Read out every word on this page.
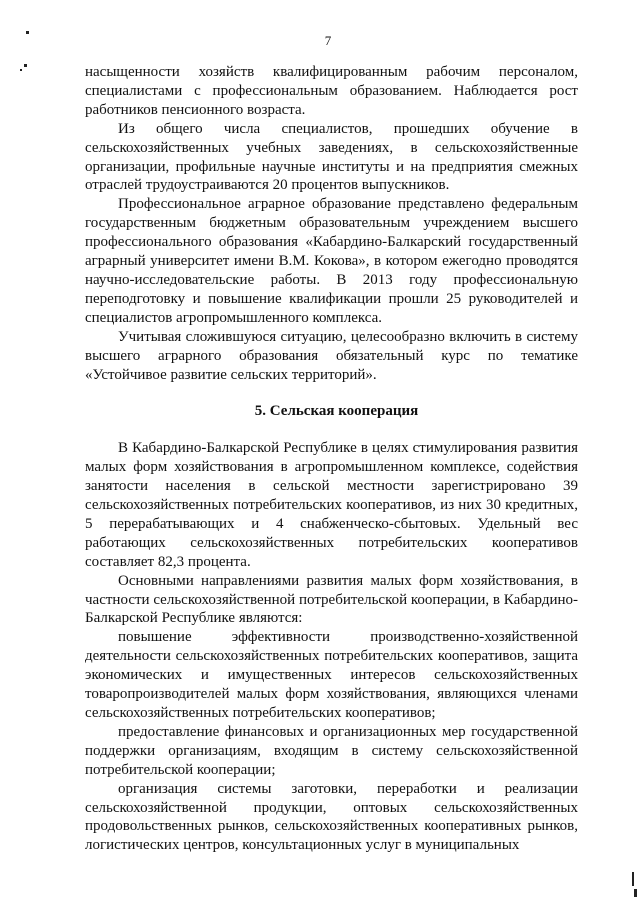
7

насыщенности хозяйств квалифицированным рабочим персоналом, специалистами с профессиональным образованием. Наблюдается рост работников пенсионного возраста.

Из общего числа специалистов, прошедших обучение в сельскохозяйственных учебных заведениях, в сельскохозяйственные организации, профильные научные институты и на предприятия смежных отраслей трудоустраиваются 20 процентов выпускников.

Профессиональное аграрное образование представлено федеральным государственным бюджетным образовательным учреждением высшего профессионального образования «Кабардино-Балкарский государственный аграрный университет имени В.М. Кокова», в котором ежегодно проводятся научно-исследовательские работы. В 2013 году профессиональную переподготовку и повышение квалификации прошли 25 руководителей и специалистов агропромышленного комплекса.

Учитывая сложившуюся ситуацию, целесообразно включить в систему высшего аграрного образования обязательный курс по тематике «Устойчивое развитие сельских территорий».

5. Сельская кооперация

В Кабардино-Балкарской Республике в целях стимулирования развития малых форм хозяйствования в агропромышленном комплексе, содействия занятости населения в сельской местности зарегистрировано 39 сельскохозяйственных потребительских кооперативов, из них 30 кредитных, 5 перерабатывающих и 4 снабженческо-сбытовых. Удельный вес работающих сельскохозяйственных потребительских кооперативов составляет 82,3 процента.

Основными направлениями развития малых форм хозяйствования, в частности сельскохозяйственной потребительской кооперации, в Кабардино-Балкарской Республике являются:

повышение эффективности производственно-хозяйственной деятельности сельскохозяйственных потребительских кооперативов, защита экономических и имущественных интересов сельскохозяйственных товаропроизводителей малых форм хозяйствования, являющихся членами сельскохозяйственных потребительских кооперативов;

предоставление финансовых и организационных мер государственной поддержки организациям, входящим в систему сельскохозяйственной потребительской кооперации;

организация системы заготовки, переработки и реализации сельскохозяйственной продукции, оптовых сельскохозяйственных продовольственных рынков, сельскохозяйственных кооперативных рынков, логистических центров, консультационных услуг в муниципальных
